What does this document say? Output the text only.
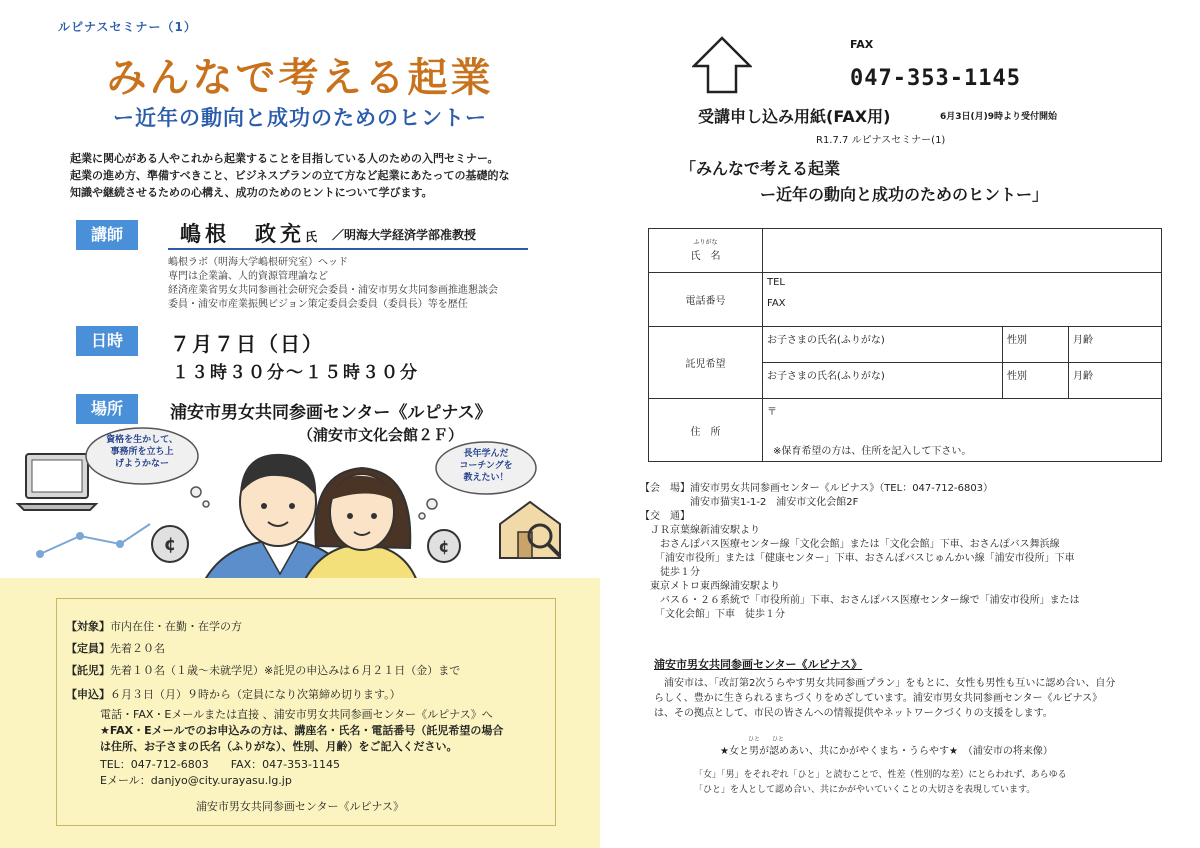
ルピナスセミナー（1）
みんなで考える起業
ー近年の動向と成功のためのヒントー
起業に関心がある人やこれから起業することを目指している人のための入門セミナー。
起業の進め方、準備すべきこと、ビジネスプランの立て方など起業にあたっての基礎的な
知識や継続させるための心構え、成功のためのヒントについて学びます。
講師	嶋根　政充氏 ／明海大学経済学部准教授
嶋根ラボ（明海大学嶋根研究室）ヘッド
専門は企業論、人的資源管理論など
経済産業省男女共同参画社会研究会委員・浦安市男女共同参画推進懇談会
委員・浦安市産業振興ビジョン策定委員会委員（委員長）等を歴任
日時	７月７日（日）
１３時３０分～１５時３０分
場所	浦安市男女共同参画センター《ルピナス》
（浦安市文化会館２Ｆ）
¢	¢
資格を生かして、
事務所を立ち上
げようかなー
長年学んだ
コーチングを
教えたい！
【対象】市内在住・在勤・在学の方
【定員】先着２０名
【託児】先着１０名（１歳～未就学児）※託児の申込みは６月２１日（金）まで
【申込】６月３日（月）９時から（定員になり次第締め切ります。）
電話・FAX・Eメールまたは直接 、浦安市男女共同参画センター《ルピナス》へ
★FAX・Eメールでのお申込みの方は、講座名・氏名・電話番号（託児希望の場合
は住所、お子さまの氏名（ふりがな）、性別、月齢）をご記入ください。
TEL：047-712-6803　　FAX：047-353-1145
Eメール：danjyo@city.urayasu.lg.jp
浦安市男女共同参画センター《ルピナス》
FAX
047-353-1145
受講申し込み用紙(FAX用)	6月3日(月)9時より受付開始
R1.7.7 ルピナスセミナー(1)
「みんなで考える起業
ー近年の動向と成功のためのヒントー」
ふりがな
氏　名			
電話番号	TEL
FAX		

託児希望	お子さまの氏名(ふりがな)	性別	月齢
	お子さまの氏名(ふりがな)	性別	月齢
住　所	〒
※保育希望の方は、住所を記入して下さい。		
【会　場】浦安市男女共同参画センター《ルピナス》（TEL：047-712-6803）
　　　　　浦安市猫実1-1-2　浦安市文化会館2F
【交　通】
　ＪＲ京葉線新浦安駅より
　　おさんぽバス医療センター線「文化会館」または「文化会館」下車、おさんぽバス舞浜線
　　「浦安市役所」または「健康センター」下車、おさんぽバスじゅんかい線「浦安市役所」下車
　　徒歩１分
　東京メトロ東西線浦安駅より
　　バス６・２６系統で「市役所前」下車、おさんぽバス医療センター線で「浦安市役所」または
　　「文化会館」下車　徒歩１分
浦安市男女共同参画センター《ルピナス》
　浦安市は、「改訂第2次うらやす男女共同参画プラン」をもとに、女性も男性も互いに認め合い、自分
らしく、豊かに生きられるまちづくりをめざしています。浦安市男女共同参画センター《ルピナス》
は、その拠点として、市民の皆さんへの情報提供やネットワークづくりの支援をします。
ひと　　ひと
★女と男が認めあい、共にかがやくまち・うらやす★　（浦安市の将来像）
「女」「男」をそれぞれ「ひと」と読むことで、性差（性別的な差）にとらわれず、あらゆる
「ひと」を人として認め合い、共にかがやいていくことの大切さを表現しています。
